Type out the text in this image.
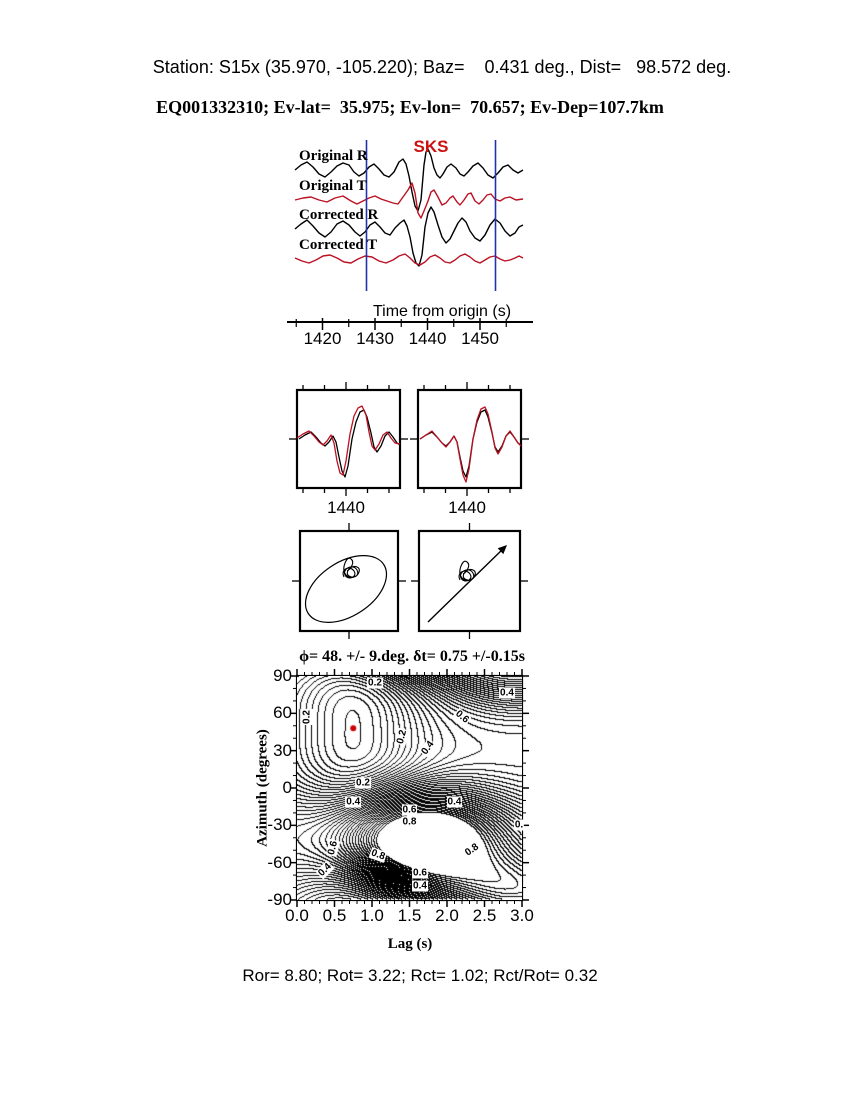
Station: S15x (35.970, -105.220); Baz=    0.431 deg., Dist=   98.572 deg.
EQ001332310; Ev-lat=  35.975; Ev-lon=  70.657; Ev-Dep=107.7km
SKS
Original R
Original T
Corrected R
Corrected T
Time from origin (s)
1420 1430 1440 1450
1440	1440
ϕ= 48. +/- 9.deg. δt= 0.75 +/-0.15s
Azimuth (degrees)
90
60
30
0
-30
-60
-90
0.0 0.5 1.0 1.5 2.0 2.5 3.0
Lag (s)
0.2
0.4
0.2	0.6
0.2
0.4
0.2
0.4	0.4
0.6
0.8
0.6	0.8	0.8
0.4	0.6
0.4
0.
Ror= 8.80; Rot= 3.22; Rct= 1.02; Rct/Rot= 0.32
